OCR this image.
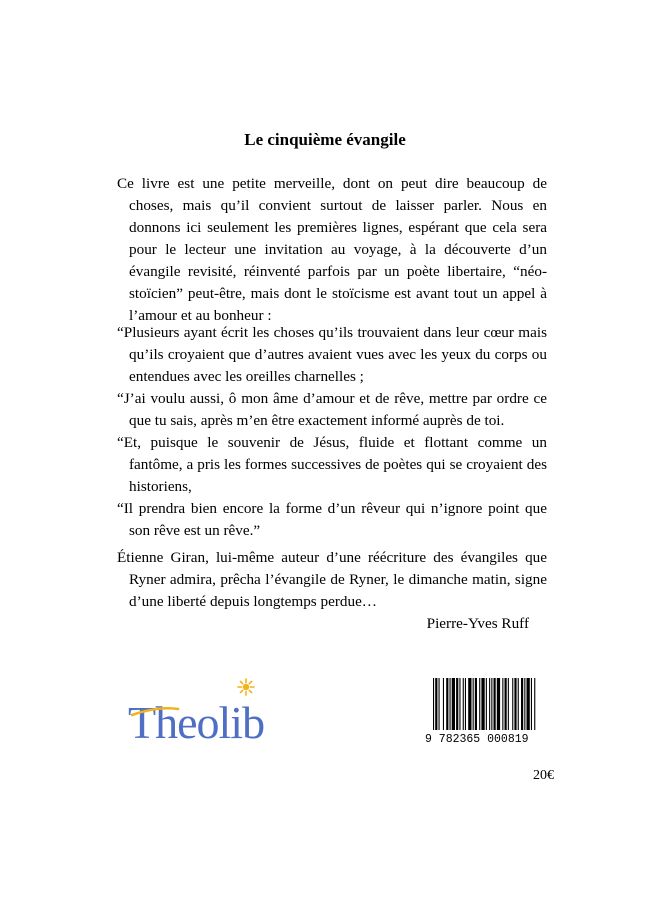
Le cinquième évangile
Ce livre est une petite merveille, dont on peut dire beaucoup de choses, mais qu’il convient surtout de laisser parler. Nous en donnons ici seulement les premières lignes, espérant que cela sera pour le lecteur une invitation au voyage, à la découverte d’un évangile revisité, réinventé parfois par un poète libertaire, “néo-stoïcien” peut-être, mais dont le stoïcisme est avant tout un appel à l’amour et au bonheur :

“Plusieurs ayant écrit les choses qu’ils trouvaient dans leur cœur mais qu’ils croyaient que d’autres avaient vues avec les yeux du corps ou entendues avec les oreilles charnelles ;

“J’ai voulu aussi, ô mon âme d’amour et de rêve, mettre par ordre ce que tu sais, après m’en être exactement informé auprès de toi.

“Et, puisque le souvenir de Jésus, fluide et flottant comme un fantôme, a pris les formes successives de poètes qui se croyaient des historiens,

“Il prendra bien encore la forme d’un rêveur qui n’ignore point que son rêve est un rêve.”

Étienne Giran, lui-même auteur d’une réécriture des évangiles que Ryner admira, prêcha l’évangile de Ryner, le dimanche matin, signe d’une liberté depuis longtemps perdue…
Pierre-Yves Ruff
Theolib	9 782365 000819
20€
